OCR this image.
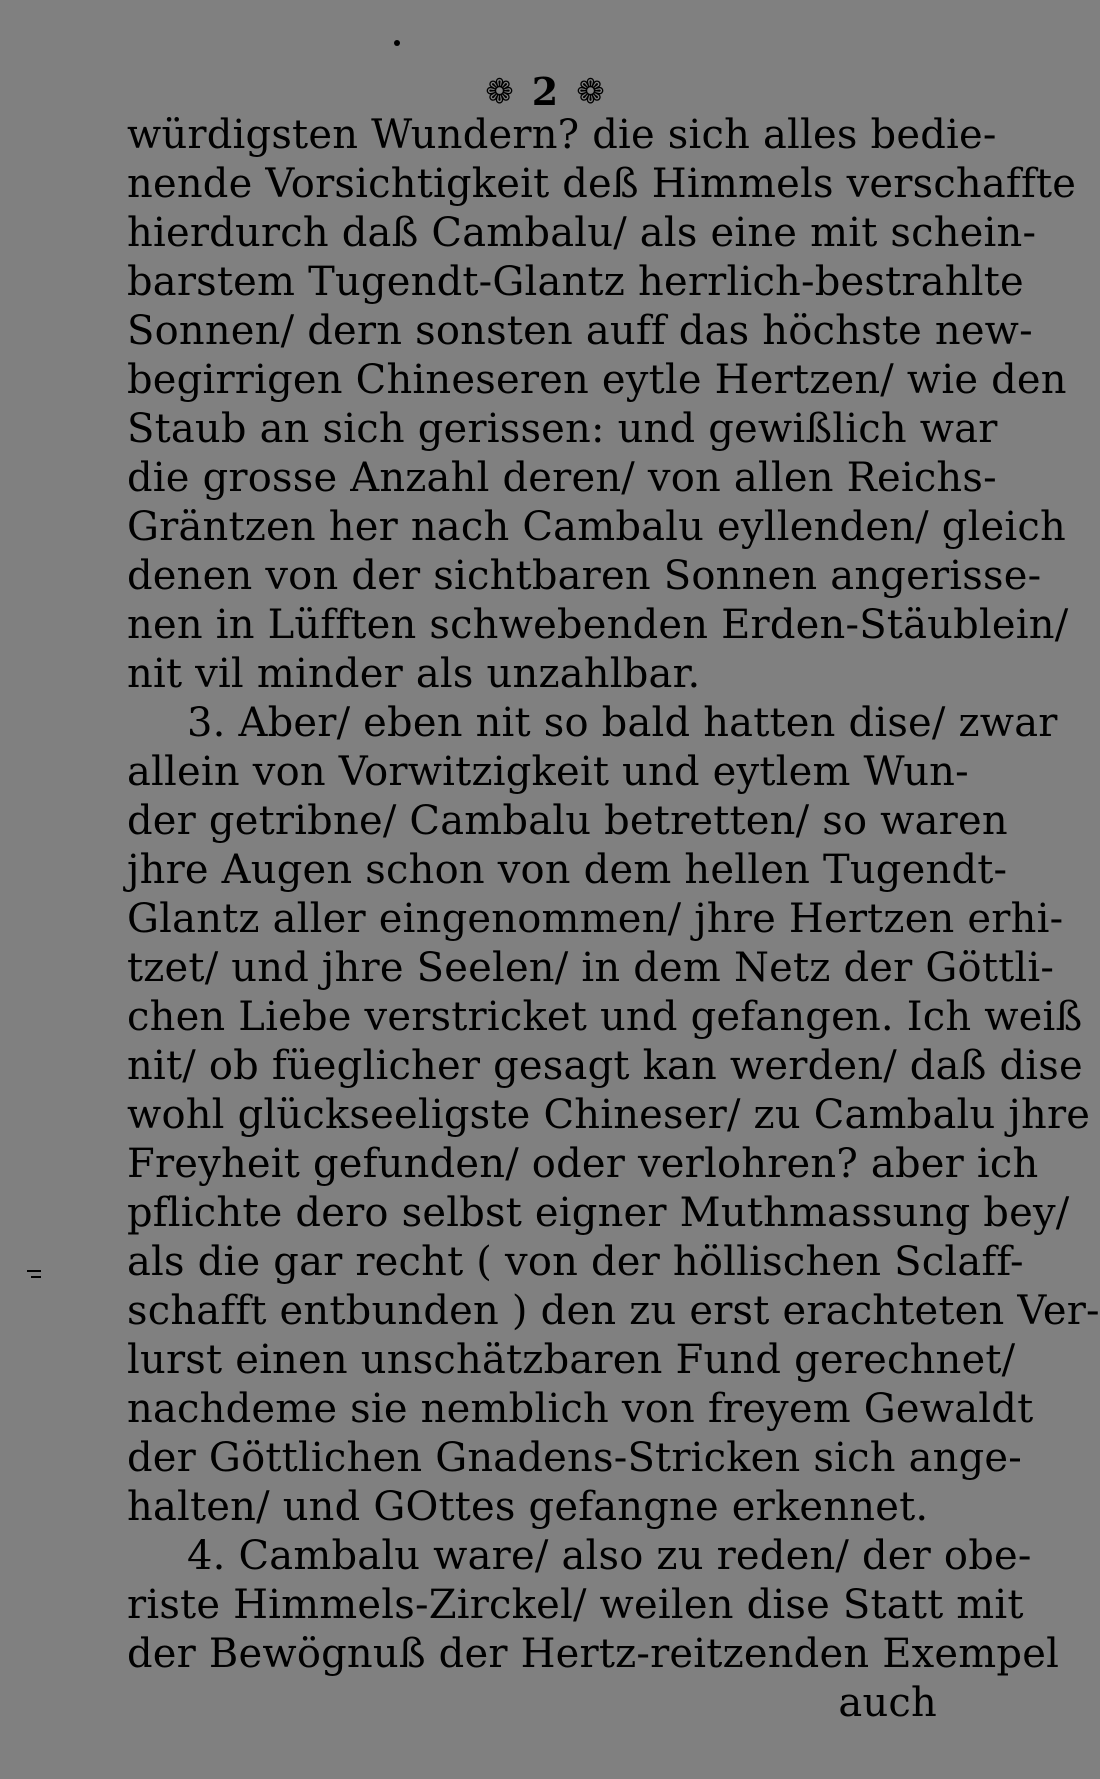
❁ 2 ❁
würdigsten Wundern? die sich alles bedie-
nende Vorsichtigkeit deß Himmels verschaffte
hierdurch daß Cambalu/ als eine mit schein-
barstem Tugendt-Glantz herrlich-bestrahlte
Sonnen/ dern sonsten auff das höchste new-
begirrigen Chineseren eytle Hertzen/ wie den
Staub an sich gerissen: und gewißlich war
die grosse Anzahl deren/ von allen Reichs-
Gräntzen her nach Cambalu eyllenden/ gleich
denen von der sichtbaren Sonnen angerisse-
nen in Lüfften schwebenden Erden-Stäublein/
nit vil minder als unzahlbar.
3. Aber/ eben nit so bald hatten dise/ zwar
allein von Vorwitzigkeit und eytlem Wun-
der getribne/ Cambalu betretten/ so waren
jhre Augen schon von dem hellen Tugendt-
Glantz aller eingenommen/ jhre Hertzen erhi-
tzet/ und jhre Seelen/ in dem Netz der Göttli-
chen Liebe verstricket und gefangen. Ich weiß
nit/ ob füeglicher gesagt kan werden/ daß dise
wohl glückseeligste Chineser/ zu Cambalu jhre
Freyheit gefunden/ oder verlohren? aber ich
pflichte dero selbst eigner Muthmassung bey/
als die gar recht ( von der höllischen Sclaff-
schafft entbunden ) den zu erst erachteten Ver-
lurst einen unschätzbaren Fund gerechnet/
nachdeme sie nemblich von freyem Gewaldt
der Göttlichen Gnadens-Stricken sich ange-
halten/ und GOttes gefangne erkennet.
4. Cambalu ware/ also zu reden/ der obe-
riste Himmels-Zirckel/ weilen dise Statt mit
der Bewögnuß der Hertz-reitzenden Exempel
auch
